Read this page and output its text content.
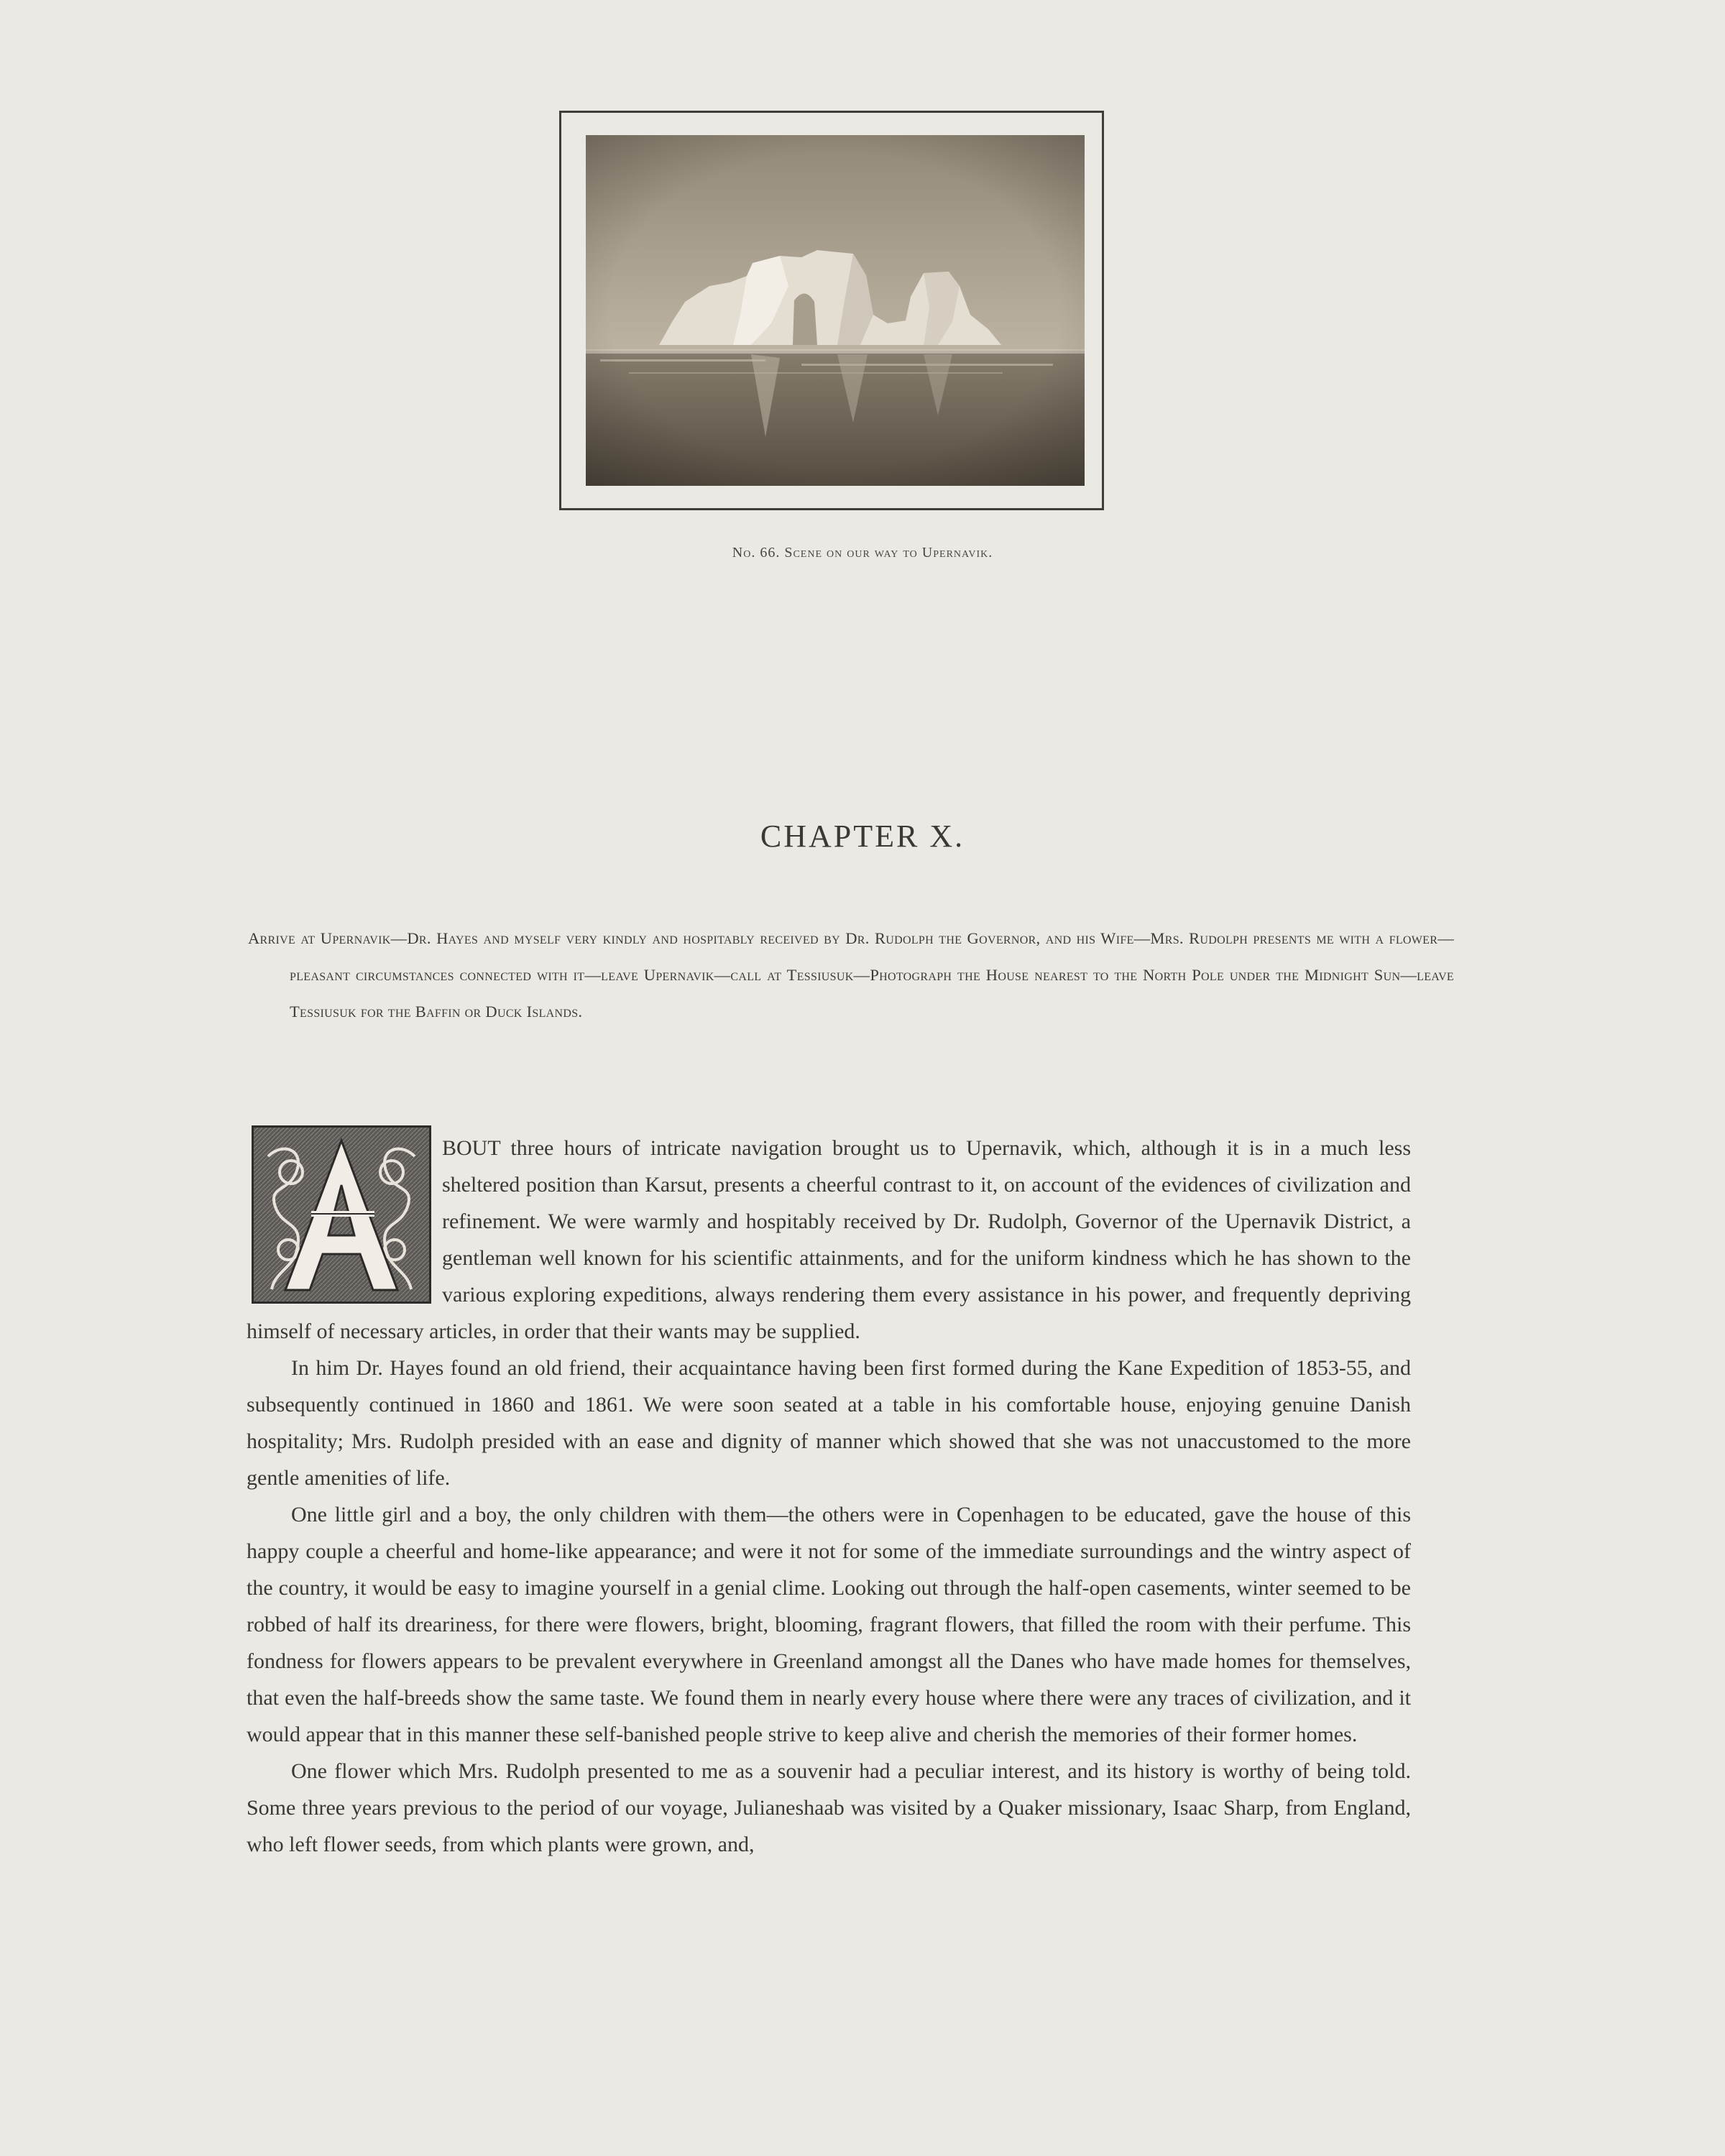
No. 66. Scene on our way to Upernavik.
CHAPTER X.
Arrive at Upernavik—Dr. Hayes and myself very kindly and hospitably received by Dr. Rudolph the Governor, and his Wife—Mrs. Rudolph presents me with a flower—pleasant circumstances connected with it—leave Upernavik—call at Tessiusuk—Photograph the House nearest to the North Pole under the Midnight Sun—leave Tessiusuk for the Baffin or Duck Islands.

BOUT three hours of intricate navigation brought us to Upernavik, which, although it is in a much less sheltered position than Karsut, presents a cheerful contrast to it, on account of the evidences of civilization and refinement. We were warmly and hospitably received by Dr. Rudolph, Governor of the Upernavik District, a gentleman well known for his scientific attainments, and for the uniform kindness which he has shown to the various exploring expeditions, always rendering them every assistance in his power, and frequently depriving himself of necessary articles, in order that their wants may be supplied.

In him Dr. Hayes found an old friend, their acquaintance having been first formed during the Kane Expedition of 1853-55, and subsequently continued in 1860 and 1861. We were soon seated at a table in his comfortable house, enjoying genuine Danish hospitality; Mrs. Rudolph presided with an ease and dignity of manner which showed that she was not unaccustomed to the more gentle amenities of life.

One little girl and a boy, the only children with them—the others were in Copenhagen to be educated, gave the house of this happy couple a cheerful and home-like appearance; and were it not for some of the immediate surroundings and the wintry aspect of the country, it would be easy to imagine yourself in a genial clime. Looking out through the half-open casements, winter seemed to be robbed of half its dreariness, for there were flowers, bright, blooming, fragrant flowers, that filled the room with their perfume. This fondness for flowers appears to be prevalent everywhere in Greenland amongst all the Danes who have made homes for themselves, that even the half-breeds show the same taste. We found them in nearly every house where there were any traces of civilization, and it would appear that in this manner these self-banished people strive to keep alive and cherish the memories of their former homes.

One flower which Mrs. Rudolph presented to me as a souvenir had a peculiar interest, and its history is worthy of being told. Some three years previous to the period of our voyage, Julianeshaab was visited by a Quaker missionary, Isaac Sharp, from England, who left flower seeds, from which plants were grown, and,
